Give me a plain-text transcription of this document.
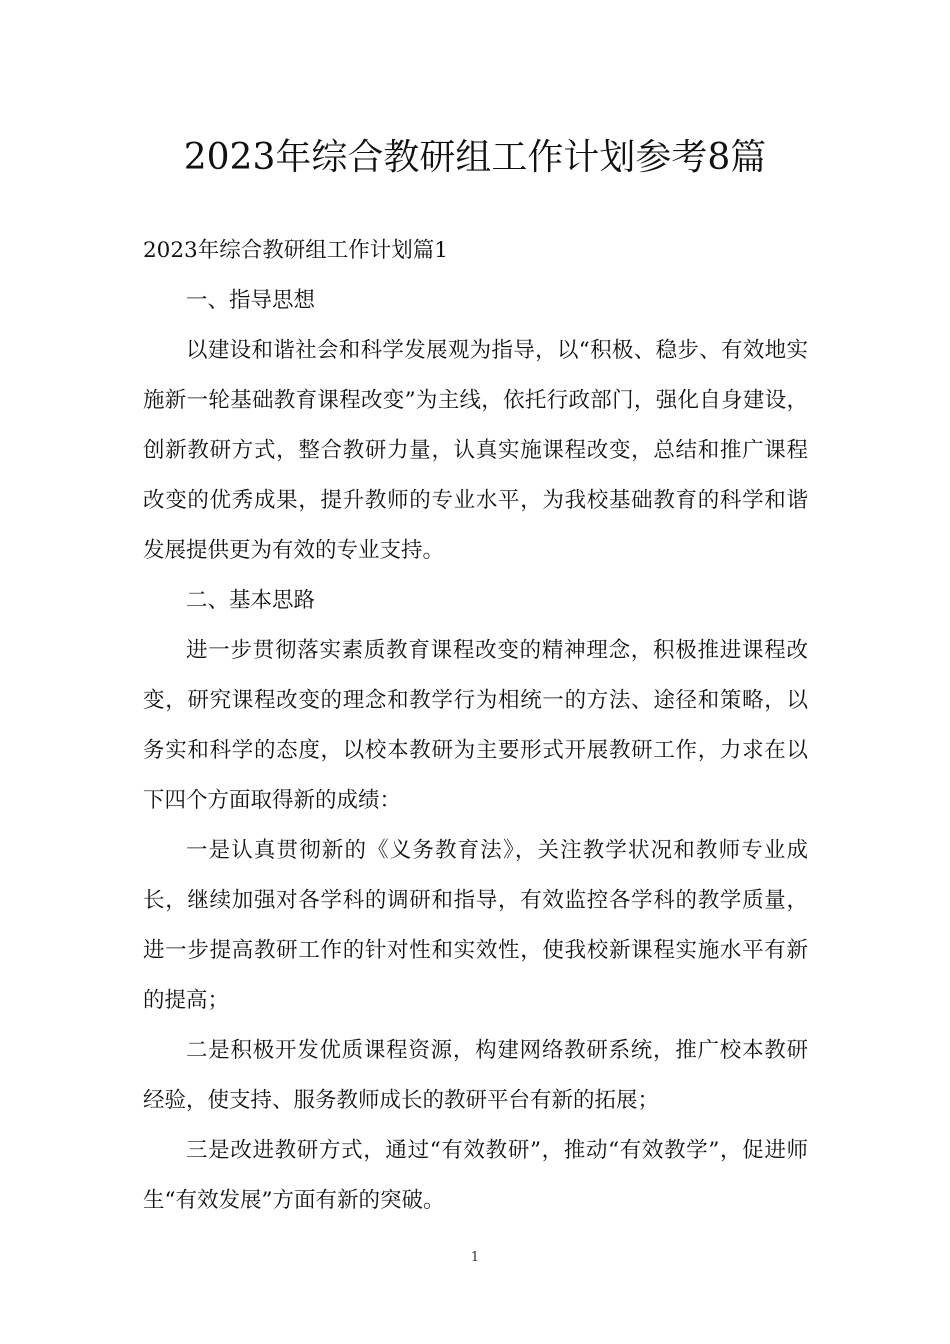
2023年综合教研组工作计划参考8篇

2023年综合教研组工作计划篇1

一、指导思想

以建设和谐社会和科学发展观为指导，以“积极、稳步、有效地实施新一轮基础教育课程改变”为主线，依托行政部门，强化自身建设，创新教研方式，整合教研力量，认真实施课程改变，总结和推广课程改变的优秀成果，提升教师的专业水平，为我校基础教育的科学和谐发展提供更为有效的专业支持。

二、基本思路

进一步贯彻落实素质教育课程改变的精神理念，积极推进课程改变，研究课程改变的理念和教学行为相统一的方法、途径和策略，以务实和科学的态度，以校本教研为主要形式开展教研工作，力求在以下四个方面取得新的成绩：

一是认真贯彻新的《义务教育法》，关注教学状况和教师专业成长，继续加强对各学科的调研和指导，有效监控各学科的教学质量，进一步提高教研工作的针对性和实效性，使我校新课程实施水平有新的提高；

二是积极开发优质课程资源，构建网络教研系统，推广校本教研经验，使支持、服务教师成长的教研平台有新的拓展；

三是改进教研方式，通过“有效教研”，推动“有效教学”，促进师生“有效发展”方面有新的突破。

1
